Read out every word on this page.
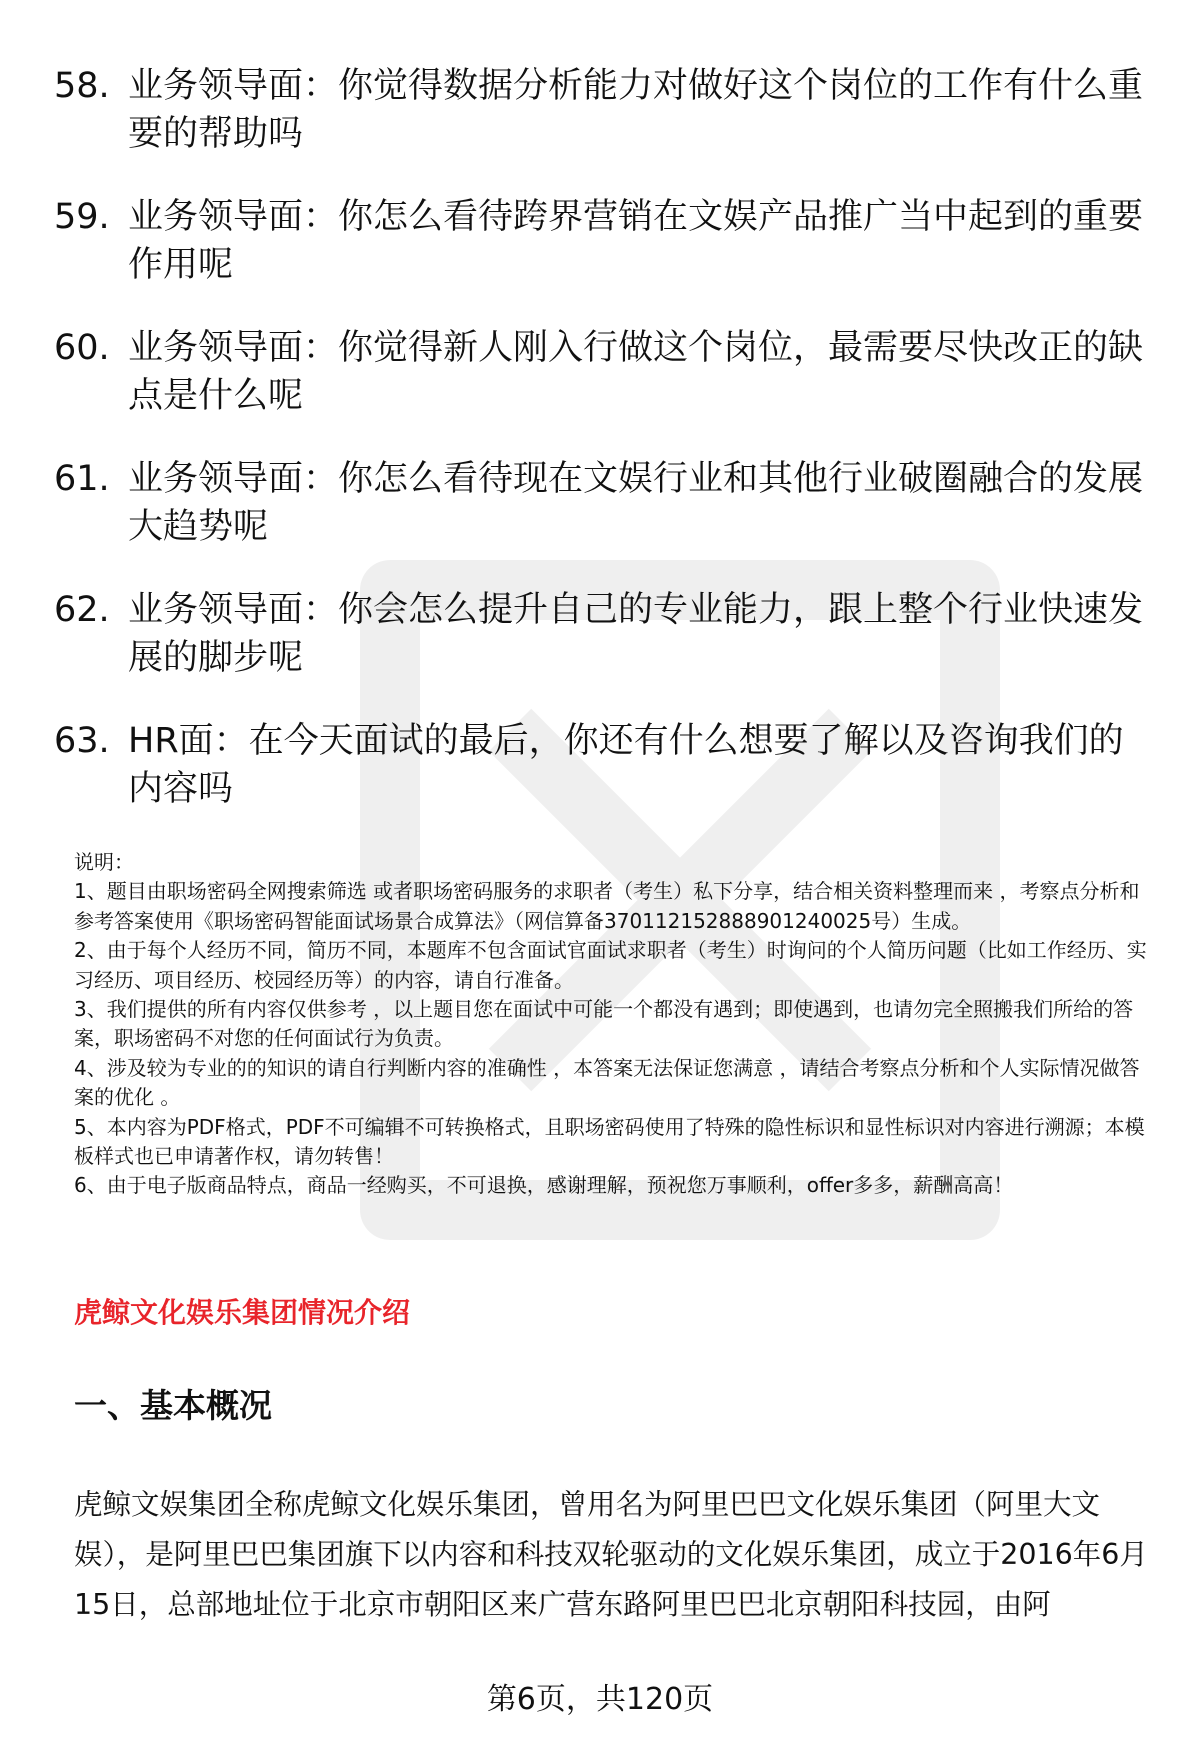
58. 业务领导面：你觉得数据分析能力对做好这个岗位的工作有什么重要的帮助吗
59. 业务领导面：你怎么看待跨界营销在文娱产品推广当中起到的重要作用呢
60. 业务领导面：你觉得新人刚入行做这个岗位，最需要尽快改正的缺点是什么呢
61. 业务领导面：你怎么看待现在文娱行业和其他行业破圈融合的发展大趋势呢
62. 业务领导面：你会怎么提升自己的专业能力，跟上整个行业快速发展的脚步呢
63. HR面：在今天面试的最后，你还有什么想要了解以及咨询我们的内容吗

说明：

1、题目由职场密码全网搜索筛选 或者职场密码服务的求职者（考生）私下分享，结合相关资料整理而来 ，考察点分析和参考答案使用《职场密码智能面试场景合成算法》（网信算备370112152888901240025号）生成。

2、由于每个人经历不同，简历不同，本题库不包含面试官面试求职者（考生）时询问的个人简历问题（比如工作经历、实习经历、项目经历、校园经历等）的内容，请自行准备。

3、我们提供的所有内容仅供参考 ，以上题目您在面试中可能一个都没有遇到；即使遇到，也请勿完全照搬我们所给的答案，职场密码不对您的任何面试行为负责。

4、涉及较为专业的的知识的请自行判断内容的准确性 ，本答案无法保证您满意 ，请结合考察点分析和个人实际情况做答案的优化 。

5、本内容为PDF格式，PDF不可编辑不可转换格式，且职场密码使用了特殊的隐性标识和显性标识对内容进行溯源；本模板样式也已申请著作权，请勿转售！

6、由于电子版商品特点，商品一经购买，不可退换，感谢理解，预祝您万事顺利，offer多多，薪酬高高！

虎鲸文化娱乐集团情况介绍
一、基本概况
虎鲸文娱集团全称虎鲸文化娱乐集团，曾用名为阿里巴巴文化娱乐集团（阿里大文娱），是阿里巴巴集团旗下以内容和科技双轮驱动的文化娱乐集团，成立于2016年6月15日，总部地址位于北京市朝阳区来广营东路阿里巴巴北京朝阳科技园，由阿
第6页，共120页
